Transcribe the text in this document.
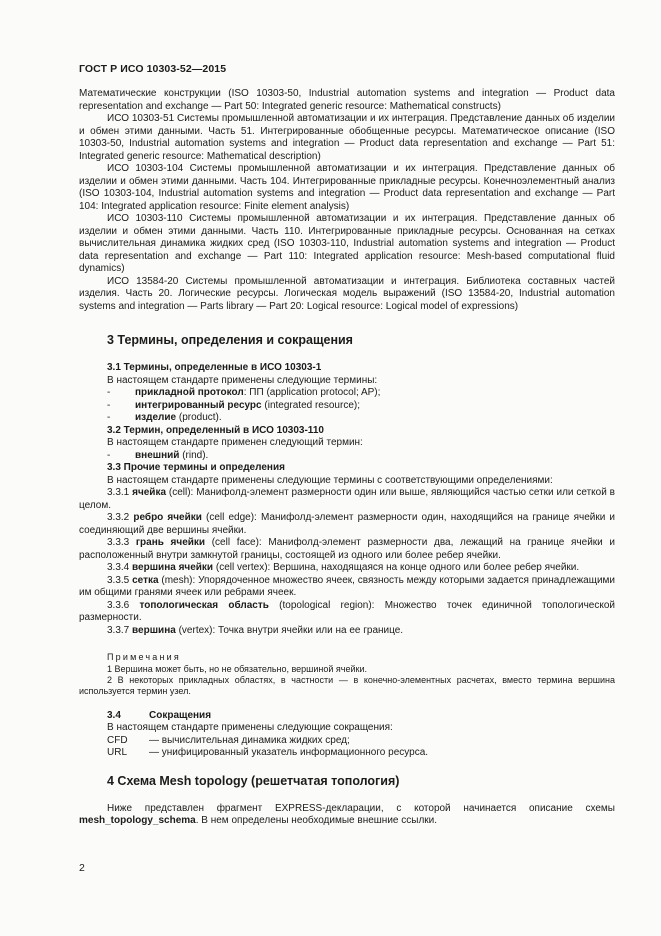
ГОСТ Р ИСО 10303-52—2015

Математические конструкции (ISO 10303-50, Industrial automation systems and integration — Product data representation and exchange — Part 50: Integrated generic resource: Mathematical constructs)

ИСО 10303-51 Системы промышленной автоматизации и их интеграция. Представление данных об изделии и обмен этими данными. Часть 51. Интегрированные обобщенные ресурсы. Математическое описание (ISO 10303-50, Industrial automation systems and integration — Product data representation and exchange — Part 51: Integrated generic resource: Mathematical description)

ИСО 10303-104 Системы промышленной автоматизации и их интеграция. Представление данных об изделии и обмен этими данными. Часть 104. Интегрированные прикладные ресурсы. Конечноэлементный анализ (ISO 10303-104, Industrial automation systems and integration — Product data representation and exchange — Part 104: Integrated application resource: Finite element analysis)

ИСО 10303-110 Системы промышленной автоматизации и их интеграция. Представление данных об изделии и обмен этими данными. Часть 110. Интегрированные прикладные ресурсы. Основанная на сетках вычислительная динамика жидких сред (ISO 10303-110, Industrial automation systems and integration — Product data representation and exchange — Part 110: Integrated application resource: Mesh-based computational fluid dynamics)

ИСО 13584-20 Системы промышленной автоматизации и интеграция. Библиотека составных частей изделия. Часть 20. Логические ресурсы. Логическая модель выражений (ISO 13584-20, Industrial automation systems and integration — Parts library — Part 20: Logical resource: Logical model of expressions)

3 Термины, определения и сокращения
3.1 Термины, определенные в ИСО 10303-1

В настоящем стандарте применены следующие термины:

-	прикладной протокол: ПП (application protocol; AP);
-	интегрированный ресурс (integrated resource);
-	изделие (product).
3.2 Термин, определенный в ИСО 10303-110

В настоящем стандарте применен следующий термин:

-	внешний (rind).
3.3 Прочие термины и определения

В настоящем стандарте применены следующие термины с соответствующими определениями:

3.3.1 ячейка (cell): Манифолд-элемент размерности один или выше, являющийся частью сетки или сеткой в целом.

3.3.2 ребро ячейки (cell edge): Манифолд-элемент размерности один, находящийся на границе ячейки и соединяющий две вершины ячейки.

3.3.3 грань ячейки (cell face): Манифолд-элемент размерности два, лежащий на границе ячейки и расположенный внутри замкнутой границы, состоящей из одного или более ребер ячейки.

3.3.4 вершина ячейки (cell vertex): Вершина, находящаяся на конце одного или более ребер ячейки.

3.3.5 сетка (mesh): Упорядоченное множество ячеек, связность между которыми задается принадлежащими им общими гранями ячеек или ребрами ячеек.

3.3.6 топологическая область (topological region): Множество точек единичной топологической размерности.

3.3.7 вершина (vertex): Точка внутри ячейки или на ее границе.

Примечания

1 Вершина может быть, но не обязательно, вершиной ячейки.

2 В некоторых прикладных областях, в частности — в конечно-элементных расчетах, вместо термина вершина используется термин узел.

3.4	Сокращения

В настоящем стандарте применены следующие сокращения:

CFD	— вычислительная динамика жидких сред;
URL	— унифицированный указатель информационного ресурса.
4 Схема Mesh topology (решетчатая топология)

Ниже представлен фрагмент EXPRESS-декларации, с которой начинается описание схемы mesh_topology_schema. В нем определены необходимые внешние ссылки.

2
